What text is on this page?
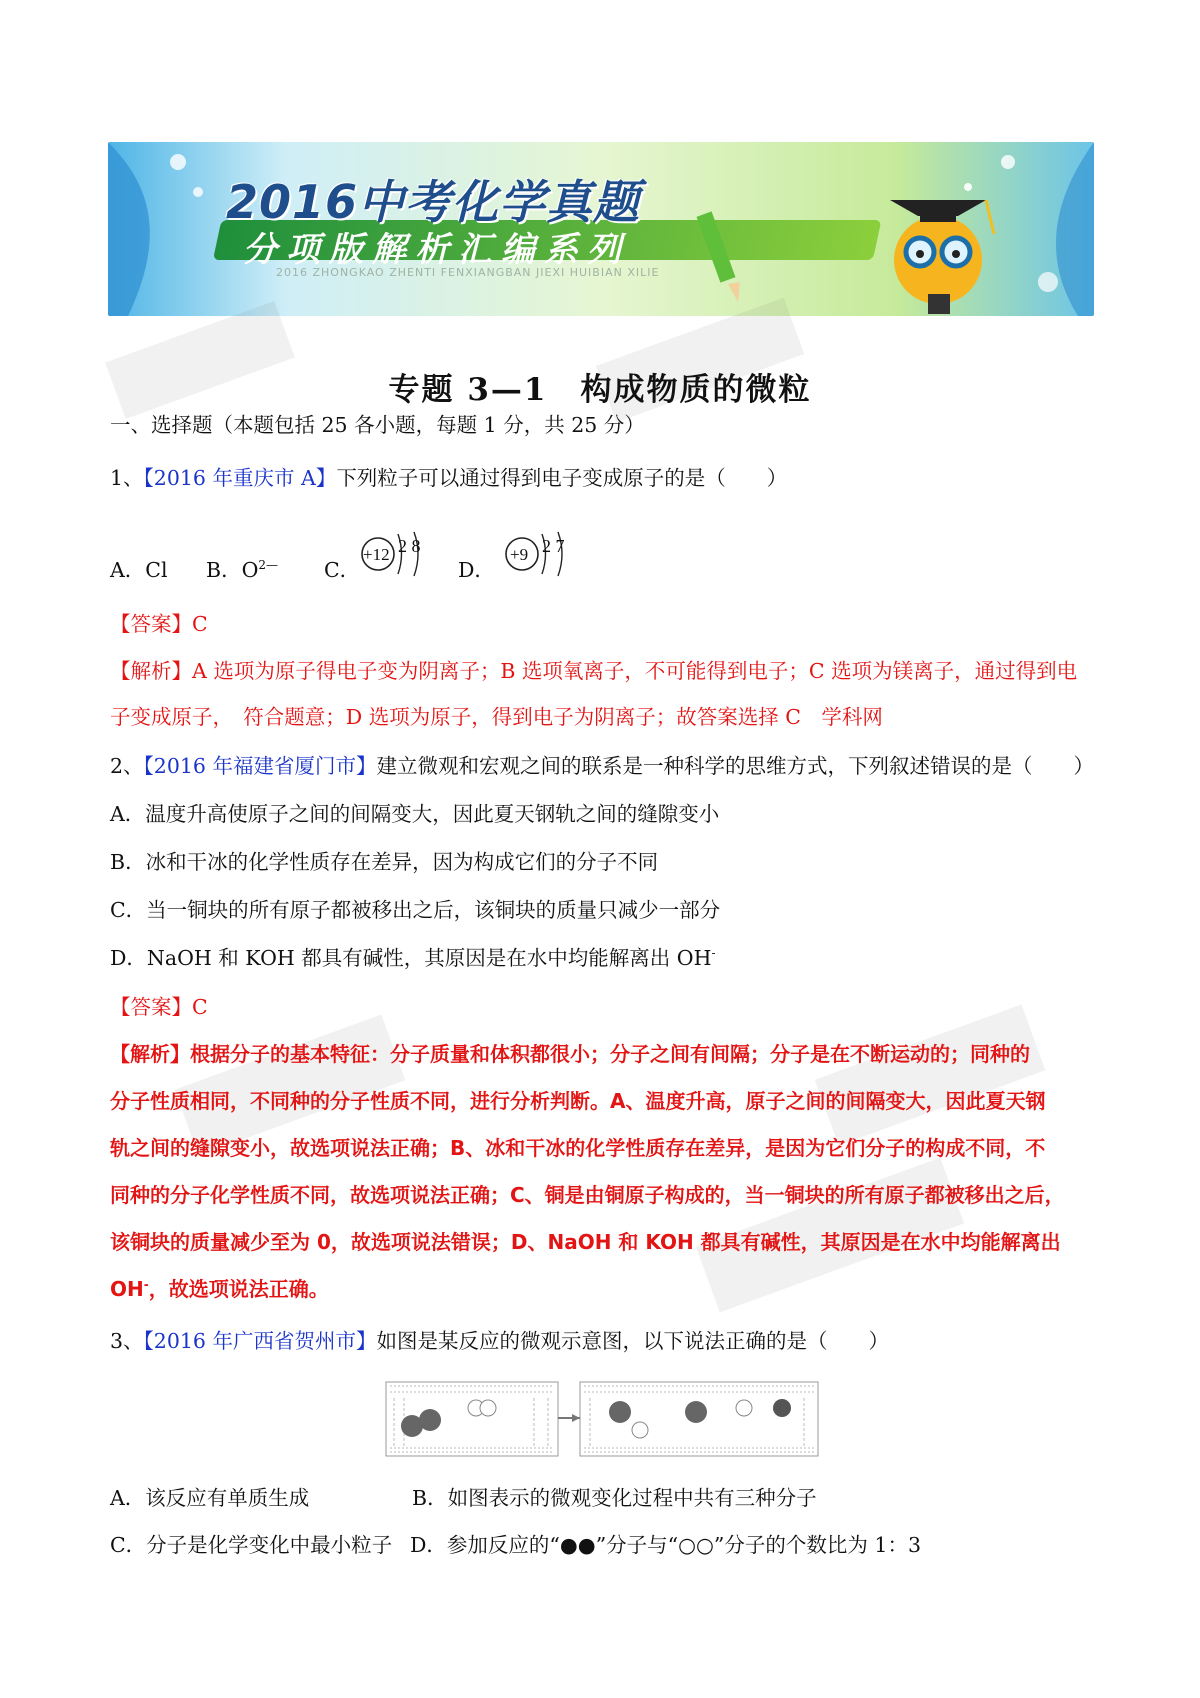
2016中考化学真题
分项版解析汇编系列
2016 ZHONGKAO ZHENTI FENXIANGBAN JIEXI HUIBIAN XILIE
专题 3—1　构成物质的微粒
一、选择题（本题包括 25 各小题，每题 1 分，共 25 分）
1、【2016 年重庆市 A】下列粒子可以通过得到电子变成原子的是（　　）
A．Cl B．$O^{2—}$ C．
+12 2 8
D．
+9 2 7
【答案】C
【解析】A 选项为原子得电子变为阴离子；B 选项氧离子，不可能得到电子；C 选项为镁离子，通过得到电
子变成原子，　符合题意；D 选项为原子，得到电子为阴离子；故答案选择 C　学科网
2、【2016 年福建省厦门市】建立微观和宏观之间的联系是一种科学的思维方式，下列叙述错误的是（　　）
A．温度升高使原子之间的间隔变大，因此夏天钢轨之间的缝隙变小
B．冰和干冰的化学性质存在差异，因为构成它们的分子不同
C．当一铜块的所有原子都被移出之后，该铜块的质量只减少一部分
D．NaOH 和 KOH 都具有碱性，其原因是在水中均能解离出 OH-
【答案】C
【解析】根据分子的基本特征：分子质量和体积都很小；分子之间有间隔；分子是在不断运动的；同种的
分子性质相同，不同种的分子性质不同，进行分析判断。A、温度升高，原子之间的间隔变大，因此夏天钢
轨之间的缝隙变小，故选项说法正确；B、冰和干冰的化学性质存在差异，是因为它们分子的构成不同，不
同种的分子化学性质不同，故选项说法正确；C、铜是由铜原子构成的，当一铜块的所有原子都被移出之后，
该铜块的质量减少至为 0，故选项说法错误；D、NaOH 和 KOH 都具有碱性，其原因是在水中均能解离出
OH-，故选项说法正确。
3、【2016 年广西省贺州市】如图是某反应的微观示意图，以下说法正确的是（　　）
A．该反应有单质生成	B．如图表示的微观变化过程中共有三种分子
C．分子是化学变化中最小粒子 D．参加反应的“●●”分子与“○○”分子的个数比为 1：3
